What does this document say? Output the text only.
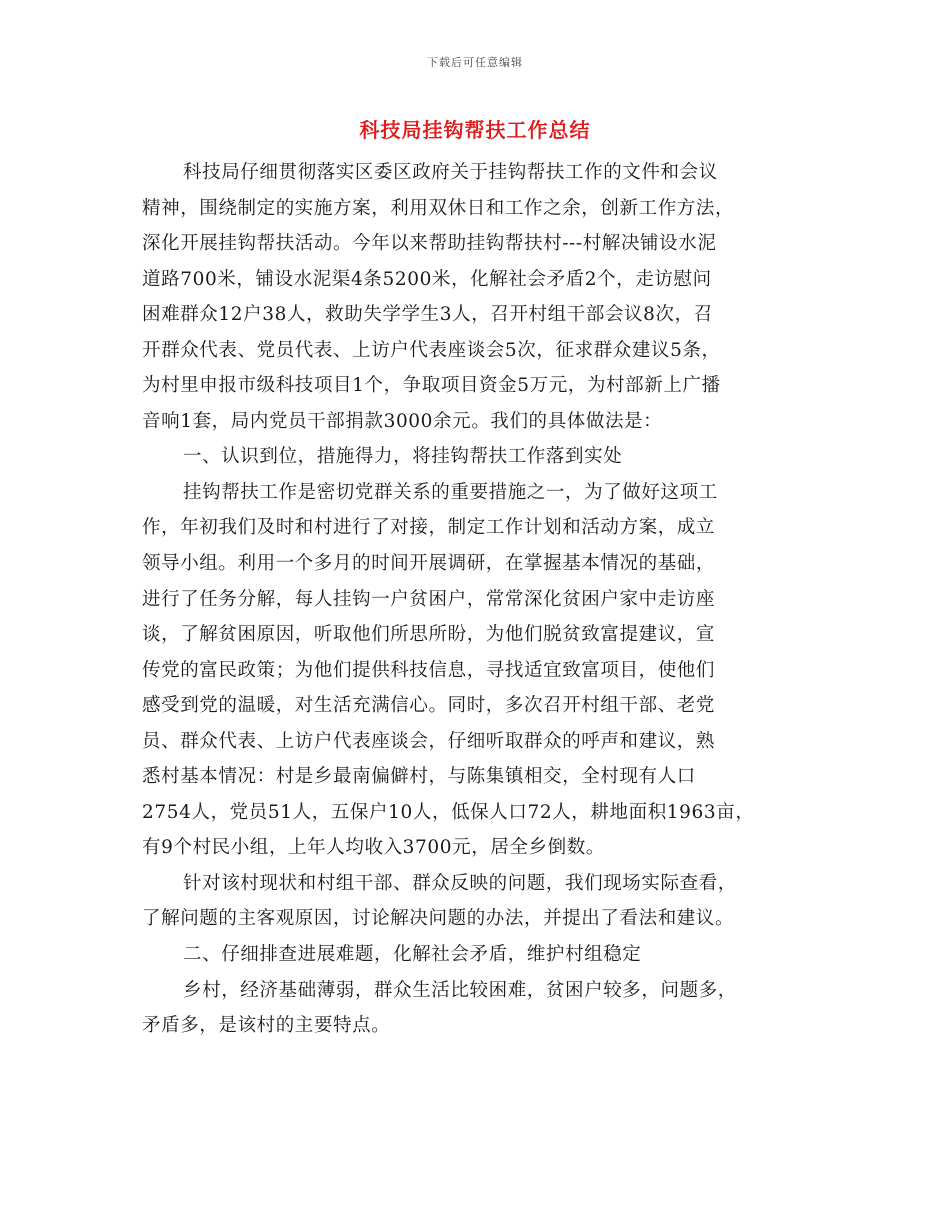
下载后可任意编辑
科技局挂钩帮扶工作总结
科技局仔细贯彻落实区委区政府关于挂钩帮扶工作的文件和会议
精神，围绕制定的实施方案，利用双休日和工作之余，创新工作方法，
深化开展挂钩帮扶活动。今年以来帮助挂钩帮扶村---村解决铺设水泥
道路700米，铺设水泥渠4条5200米，化解社会矛盾2个，走访慰问
困难群众12户38人，救助失学学生3人，召开村组干部会议8次，召
开群众代表、党员代表、上访户代表座谈会5次，征求群众建议5条，
为村里申报市级科技项目1个，争取项目资金5万元，为村部新上广播
音响1套，局内党员干部捐款3000余元。我们的具体做法是：
一、认识到位，措施得力，将挂钩帮扶工作落到实处
挂钩帮扶工作是密切党群关系的重要措施之一，为了做好这项工
作，年初我们及时和村进行了对接，制定工作计划和活动方案，成立
领导小组。利用一个多月的时间开展调研，在掌握基本情况的基础，
进行了任务分解，每人挂钩一户贫困户，常常深化贫困户家中走访座
谈，了解贫困原因，听取他们所思所盼，为他们脱贫致富提建议，宣
传党的富民政策；为他们提供科技信息，寻找适宜致富项目，使他们
感受到党的温暖，对生活充满信心。同时，多次召开村组干部、老党
员、群众代表、上访户代表座谈会，仔细听取群众的呼声和建议，熟
悉村基本情况：村是乡最南偏僻村，与陈集镇相交，全村现有人口
2754人，党员51人，五保户10人，低保人口72人，耕地面积1963亩，
有9个村民小组，上年人均收入3700元，居全乡倒数。
针对该村现状和村组干部、群众反映的问题，我们现场实际查看，
了解问题的主客观原因，讨论解决问题的办法，并提出了看法和建议。
二、仔细排查进展难题，化解社会矛盾，维护村组稳定
乡村，经济基础薄弱，群众生活比较困难，贫困户较多，问题多，
矛盾多，是该村的主要特点。
